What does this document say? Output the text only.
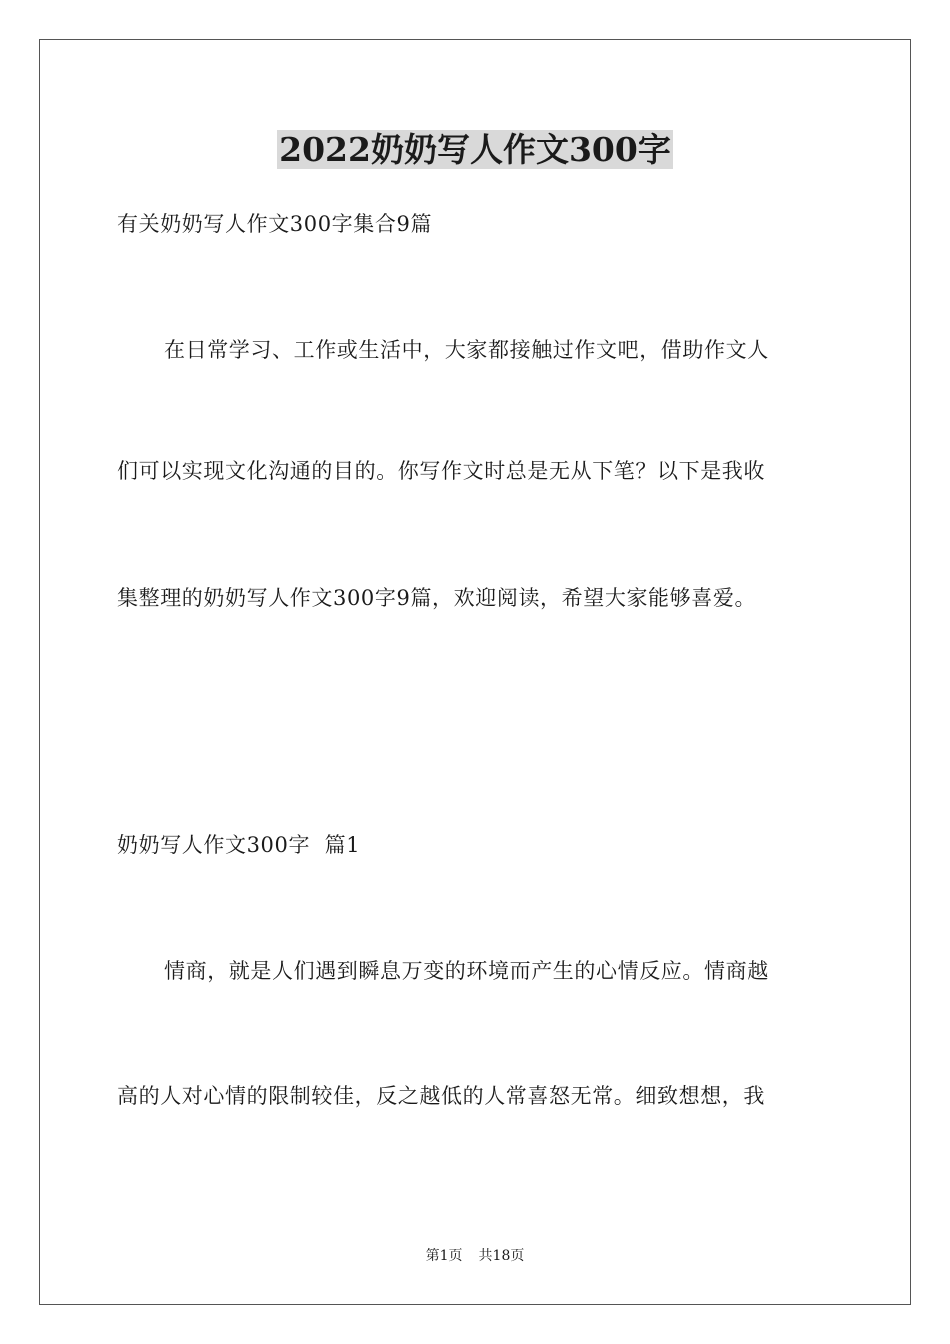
2022奶奶写人作文300字
有关奶奶写人作文300字集合9篇
在日常学习、工作或生活中，大家都接触过作文吧，借助作文人
们可以实现文化沟通的目的。你写作文时总是无从下笔？以下是我收
集整理的奶奶写人作文300字9篇，欢迎阅读，希望大家能够喜爱。
奶奶写人作文300字  篇1
情商，就是人们遇到瞬息万变的环境而产生的心情反应。情商越
高的人对心情的限制较佳，反之越低的人常喜怒无常。细致想想，我
第1页 共18页
